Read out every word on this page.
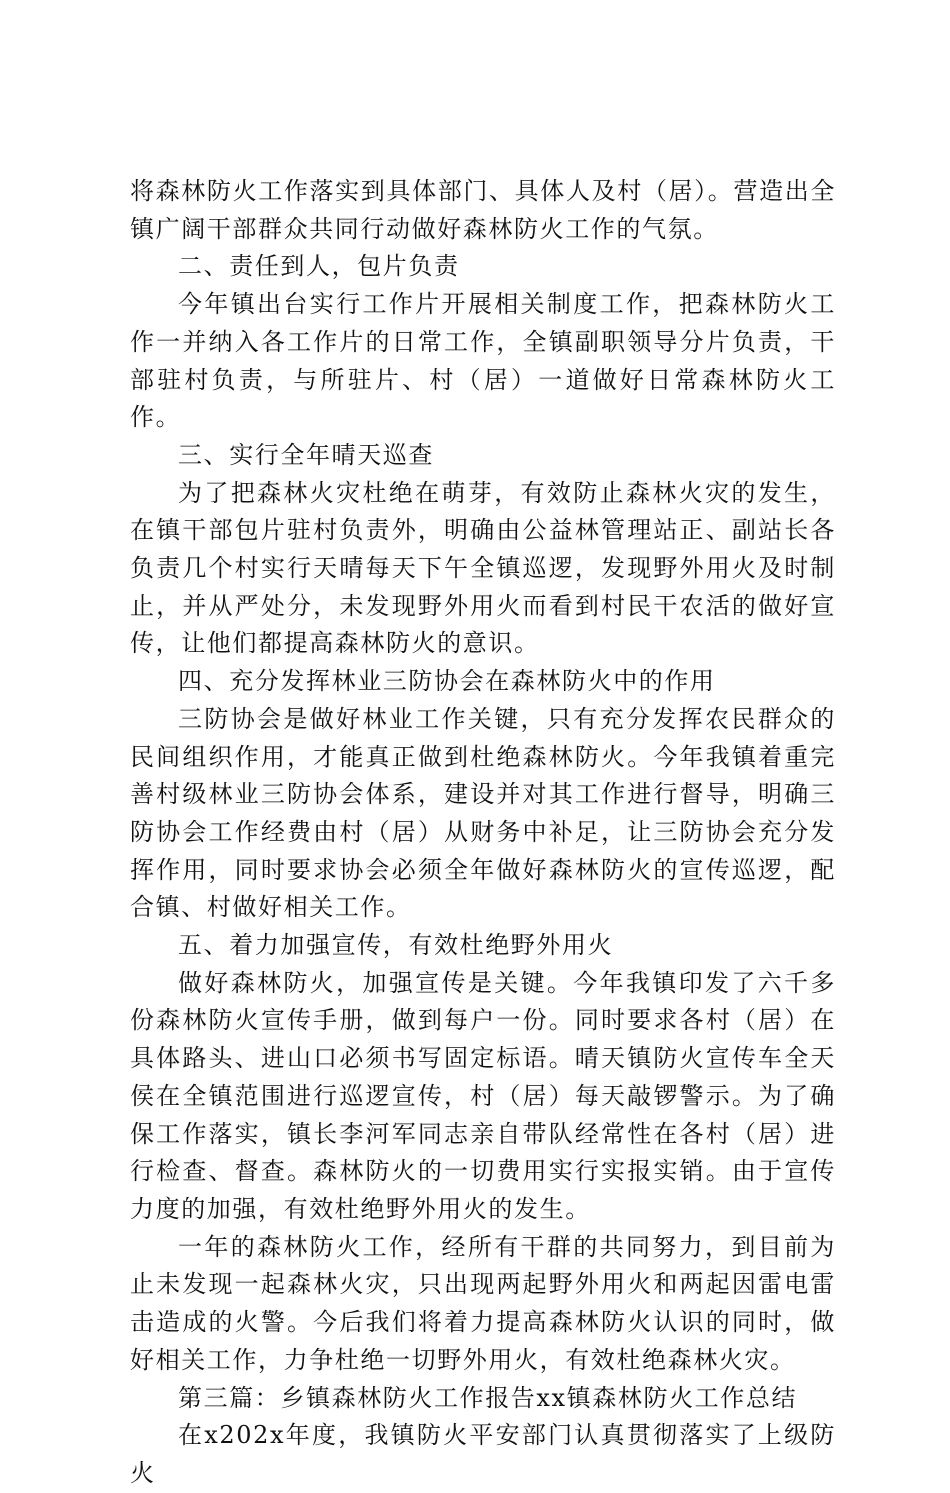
将森林防火工作落实到具体部门、具体人及村（居）。营造出全镇广阔干部群众共同行动做好森林防火工作的气氛。

二、责任到人，包片负责

今年镇出台实行工作片开展相关制度工作，把森林防火工作一并纳入各工作片的日常工作，全镇副职领导分片负责，干部驻村负责，与所驻片、村（居）一道做好日常森林防火工作。

三、实行全年晴天巡查

为了把森林火灾杜绝在萌芽，有效防止森林火灾的发生，在镇干部包片驻村负责外，明确由公益林管理站正、副站长各负责几个村实行天晴每天下午全镇巡逻，发现野外用火及时制止，并从严处分，未发现野外用火而看到村民干农活的做好宣传，让他们都提高森林防火的意识。

四、充分发挥林业三防协会在森林防火中的作用

三防协会是做好林业工作关键，只有充分发挥农民群众的民间组织作用，才能真正做到杜绝森林防火。今年我镇着重完善村级林业三防协会体系，建设并对其工作进行督导，明确三防协会工作经费由村（居）从财务中补足，让三防协会充分发挥作用，同时要求协会必须全年做好森林防火的宣传巡逻，配合镇、村做好相关工作。

五、着力加强宣传，有效杜绝野外用火

做好森林防火，加强宣传是关键。今年我镇印发了六千多份森林防火宣传手册，做到每户一份。同时要求各村（居）在具体路头、进山口必须书写固定标语。晴天镇防火宣传车全天侯在全镇范围进行巡逻宣传，村（居）每天敲锣警示。为了确保工作落实，镇长李河军同志亲自带队经常性在各村（居）进行检查、督查。森林防火的一切费用实行实报实销。由于宣传力度的加强，有效杜绝野外用火的发生。

一年的森林防火工作，经所有干群的共同努力，到目前为止未发现一起森林火灾，只出现两起野外用火和两起因雷电雷击造成的火警。今后我们将着力提高森林防火认识的同时，做好相关工作，力争杜绝一切野外用火，有效杜绝森林火灾。

第三篇：乡镇森林防火工作报告xx镇森林防火工作总结

在x202x年度，我镇防火平安部门认真贯彻落实了上级防火
